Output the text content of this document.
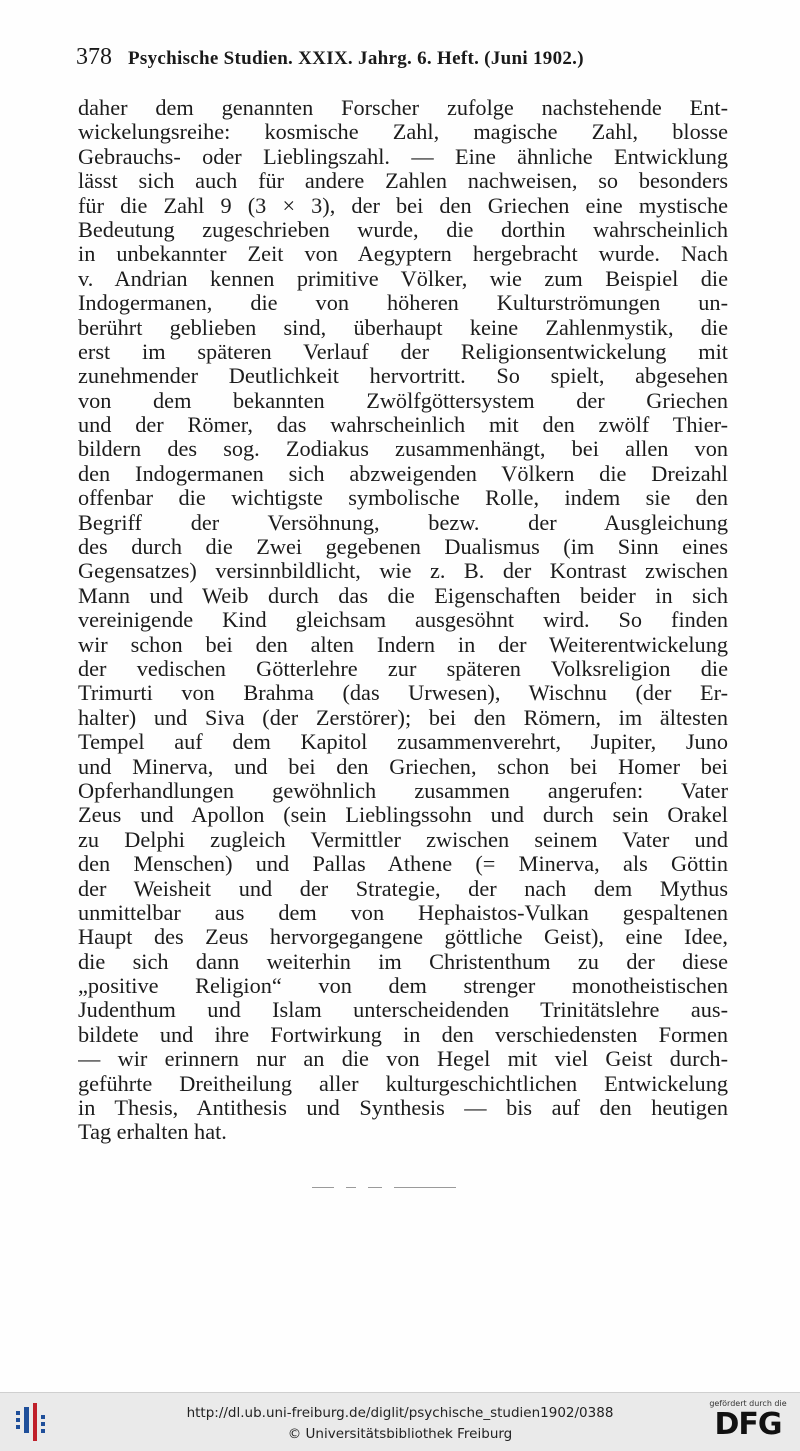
378 Psychische Studien. XXIX. Jahrg. 6. Heft. (Juni 1902.)
daher dem genannten Forscher zufolge nachstehende Ent-
wickelungsreihe: kosmische Zahl, magische Zahl, blosse
Gebrauchs- oder Lieblingszahl. — Eine ähnliche Entwicklung
lässt sich auch für andere Zahlen nachweisen, so besonders
für die Zahl 9 (3 × 3), der bei den Griechen eine mystische
Bedeutung zugeschrieben wurde, die dorthin wahrscheinlich
in unbekannter Zeit von Aegyptern hergebracht wurde. Nach
v. Andrian kennen primitive Völker, wie zum Beispiel die
Indogermanen, die von höheren Kulturströmungen un-
berührt geblieben sind, überhaupt keine Zahlenmystik, die
erst im späteren Verlauf der Religionsentwickelung mit
zunehmender Deutlichkeit hervortritt. So spielt, abgesehen
von dem bekannten Zwölfgöttersystem der Griechen
und der Römer, das wahrscheinlich mit den zwölf Thier-
bildern des sog. Zodiakus zusammenhängt, bei allen von
den Indogermanen sich abzweigenden Völkern die Dreizahl
offenbar die wichtigste symbolische Rolle, indem sie den
Begriff der Versöhnung, bezw. der Ausgleichung
des durch die Zwei gegebenen Dualismus (im Sinn eines
Gegensatzes) versinnbildlicht, wie z. B. der Kontrast zwischen
Mann und Weib durch das die Eigenschaften beider in sich
vereinigende Kind gleichsam ausgesöhnt wird. So finden
wir schon bei den alten Indern in der Weiterentwickelung
der vedischen Götterlehre zur späteren Volksreligion die
Trimurti von Brahma (das Urwesen), Wischnu (der Er-
halter) und Siva (der Zerstörer); bei den Römern, im ältesten
Tempel auf dem Kapitol zusammenverehrt, Jupiter, Juno
und Minerva, und bei den Griechen, schon bei Homer bei
Opferhandlungen gewöhnlich zusammen angerufen: Vater
Zeus und Apollon (sein Lieblingssohn und durch sein Orakel
zu Delphi zugleich Vermittler zwischen seinem Vater und
den Menschen) und Pallas Athene (= Minerva, als Göttin
der Weisheit und der Strategie, der nach dem Mythus
unmittelbar aus dem von Hephaistos-Vulkan gespaltenen
Haupt des Zeus hervorgegangene göttliche Geist), eine Idee,
die sich dann weiterhin im Christenthum zu der diese
„positive Religion“ von dem strenger monotheistischen
Judenthum und Islam unterscheidenden Trinitätslehre aus-
bildete und ihre Fortwirkung in den verschiedensten Formen
— wir erinnern nur an die von Hegel mit viel Geist durch-
geführte Dreitheilung aller kulturgeschichtlichen Entwickelung
in Thesis, Antithesis und Synthesis — bis auf den heutigen
Tag erhalten hat.
http://dl.ub.uni-freiburg.de/diglit/psychische_studien1902/0388
© Universitätsbibliothek Freiburg
gefördert durch die
DFG
